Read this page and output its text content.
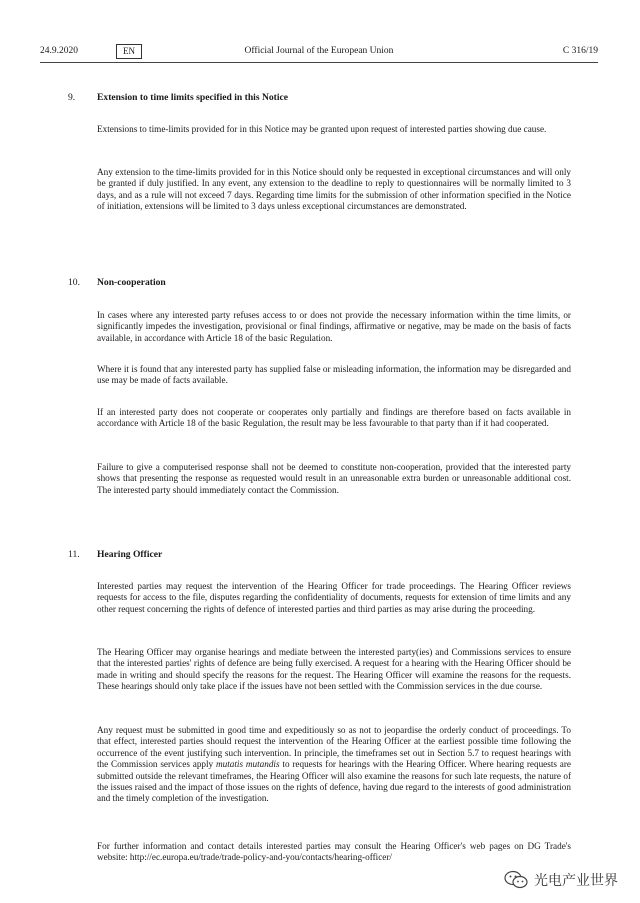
24.9.2020	EN	Official Journal of the European Union	C 316/19
9. Extension to time limits specified in this Notice

Extensions to time-limits provided for in this Notice may be granted upon request of interested parties showing due cause.

Any extension to the time-limits provided for in this Notice should only be requested in exceptional circumstances and will only be granted if duly justified. In any event, any extension to the deadline to reply to questionnaires will be normally limited to 3 days, and as a rule will not exceed 7 days. Regarding time limits for the submission of other information specified in the Notice of initiation, extensions will be limited to 3 days unless exceptional circumstances are demonstrated.

10. Non-cooperation

In cases where any interested party refuses access to or does not provide the necessary information within the time limits, or significantly impedes the investigation, provisional or final findings, affirmative or negative, may be made on the basis of facts available, in accordance with Article 18 of the basic Regulation.

Where it is found that any interested party has supplied false or misleading information, the information may be disregarded and use may be made of facts available.

If an interested party does not cooperate or cooperates only partially and findings are therefore based on facts available in accordance with Article 18 of the basic Regulation, the result may be less favourable to that party than if it had cooperated.

Failure to give a computerised response shall not be deemed to constitute non-cooperation, provided that the interested party shows that presenting the response as requested would result in an unreasonable extra burden or unreasonable additional cost. The interested party should immediately contact the Commission.

11. Hearing Officer

Interested parties may request the intervention of the Hearing Officer for trade proceedings. The Hearing Officer reviews requests for access to the file, disputes regarding the confidentiality of documents, requests for extension of time limits and any other request concerning the rights of defence of interested parties and third parties as may arise during the proceeding.

The Hearing Officer may organise hearings and mediate between the interested party(ies) and Commissions services to ensure that the interested parties' rights of defence are being fully exercised. A request for a hearing with the Hearing Officer should be made in writing and should specify the reasons for the request. The Hearing Officer will examine the reasons for the requests. These hearings should only take place if the issues have not been settled with the Commission services in the due course.

Any request must be submitted in good time and expeditiously so as not to jeopardise the orderly conduct of proceedings. To that effect, interested parties should request the intervention of the Hearing Officer at the earliest possible time following the occurrence of the event justifying such intervention. In principle, the timeframes set out in Section 5.7 to request hearings with the Commission services apply mutatis mutandis to requests for hearings with the Hearing Officer. Where hearing requests are submitted outside the relevant timeframes, the Hearing Officer will also examine the reasons for such late requests, the nature of the issues raised and the impact of those issues on the rights of defence, having due regard to the interests of good administration and the timely completion of the investigation.

For further information and contact details interested parties may consult the Hearing Officer's web pages on DG Trade's website: http://ec.europa.eu/trade/trade-policy-and-you/contacts/hearing-officer/

光电产业世界
